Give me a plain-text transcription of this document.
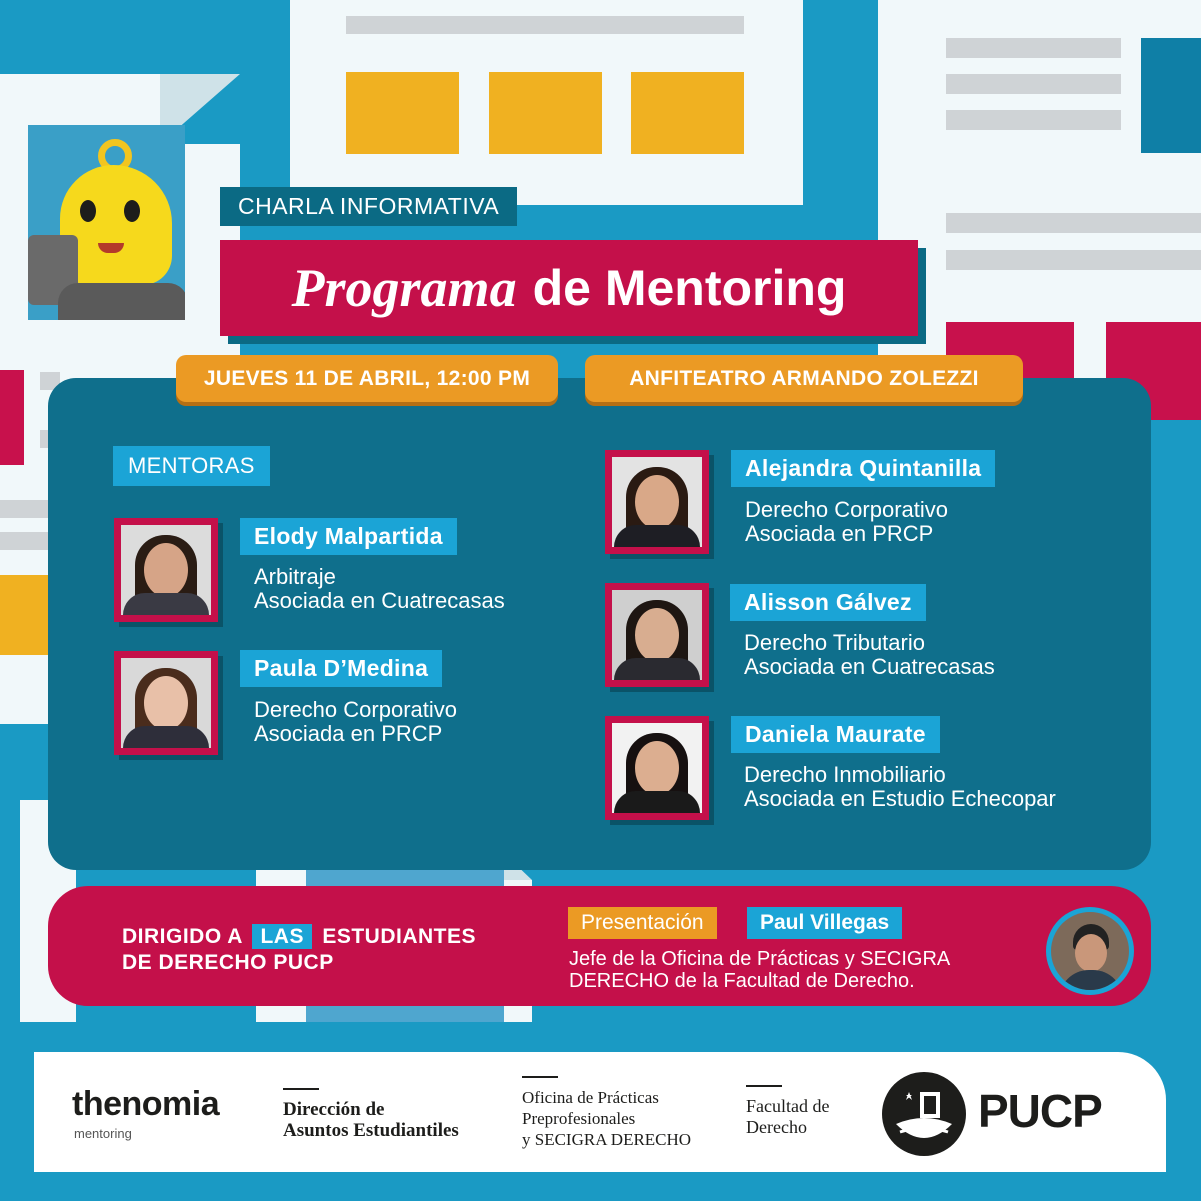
CHARLA INFORMATIVA
Programa de Mentoring
JUEVES 11 DE ABRIL, 12:00 PM	ANFITEATRO ARMANDO ZOLEZZI
MENTORAS
Elody Malpartida
Arbitraje
Asociada en Cuatrecasas
Paula D’Medina
Derecho Corporativo
Asociada en PRCP
Alejandra Quintanilla
Derecho Corporativo
Asociada en PRCP
Alisson Gálvez
Derecho Tributario
Asociada en Cuatrecasas
Daniela Maurate
Derecho Inmobiliario
Asociada en Estudio Echecopar
DIRIGIDO A LAS ESTUDIANTES
DE DERECHO PUCP
Presentación	Paul Villegas
Jefe de la Oficina de Prácticas y SECIGRA
DERECHO de la Facultad de Derecho.
thenomia
mentoring
Dirección de
Asuntos Estudiantiles
Oficina de Prácticas
Preprofesionales
y SECIGRA DERECHO
Facultad de
Derecho	PUCP
